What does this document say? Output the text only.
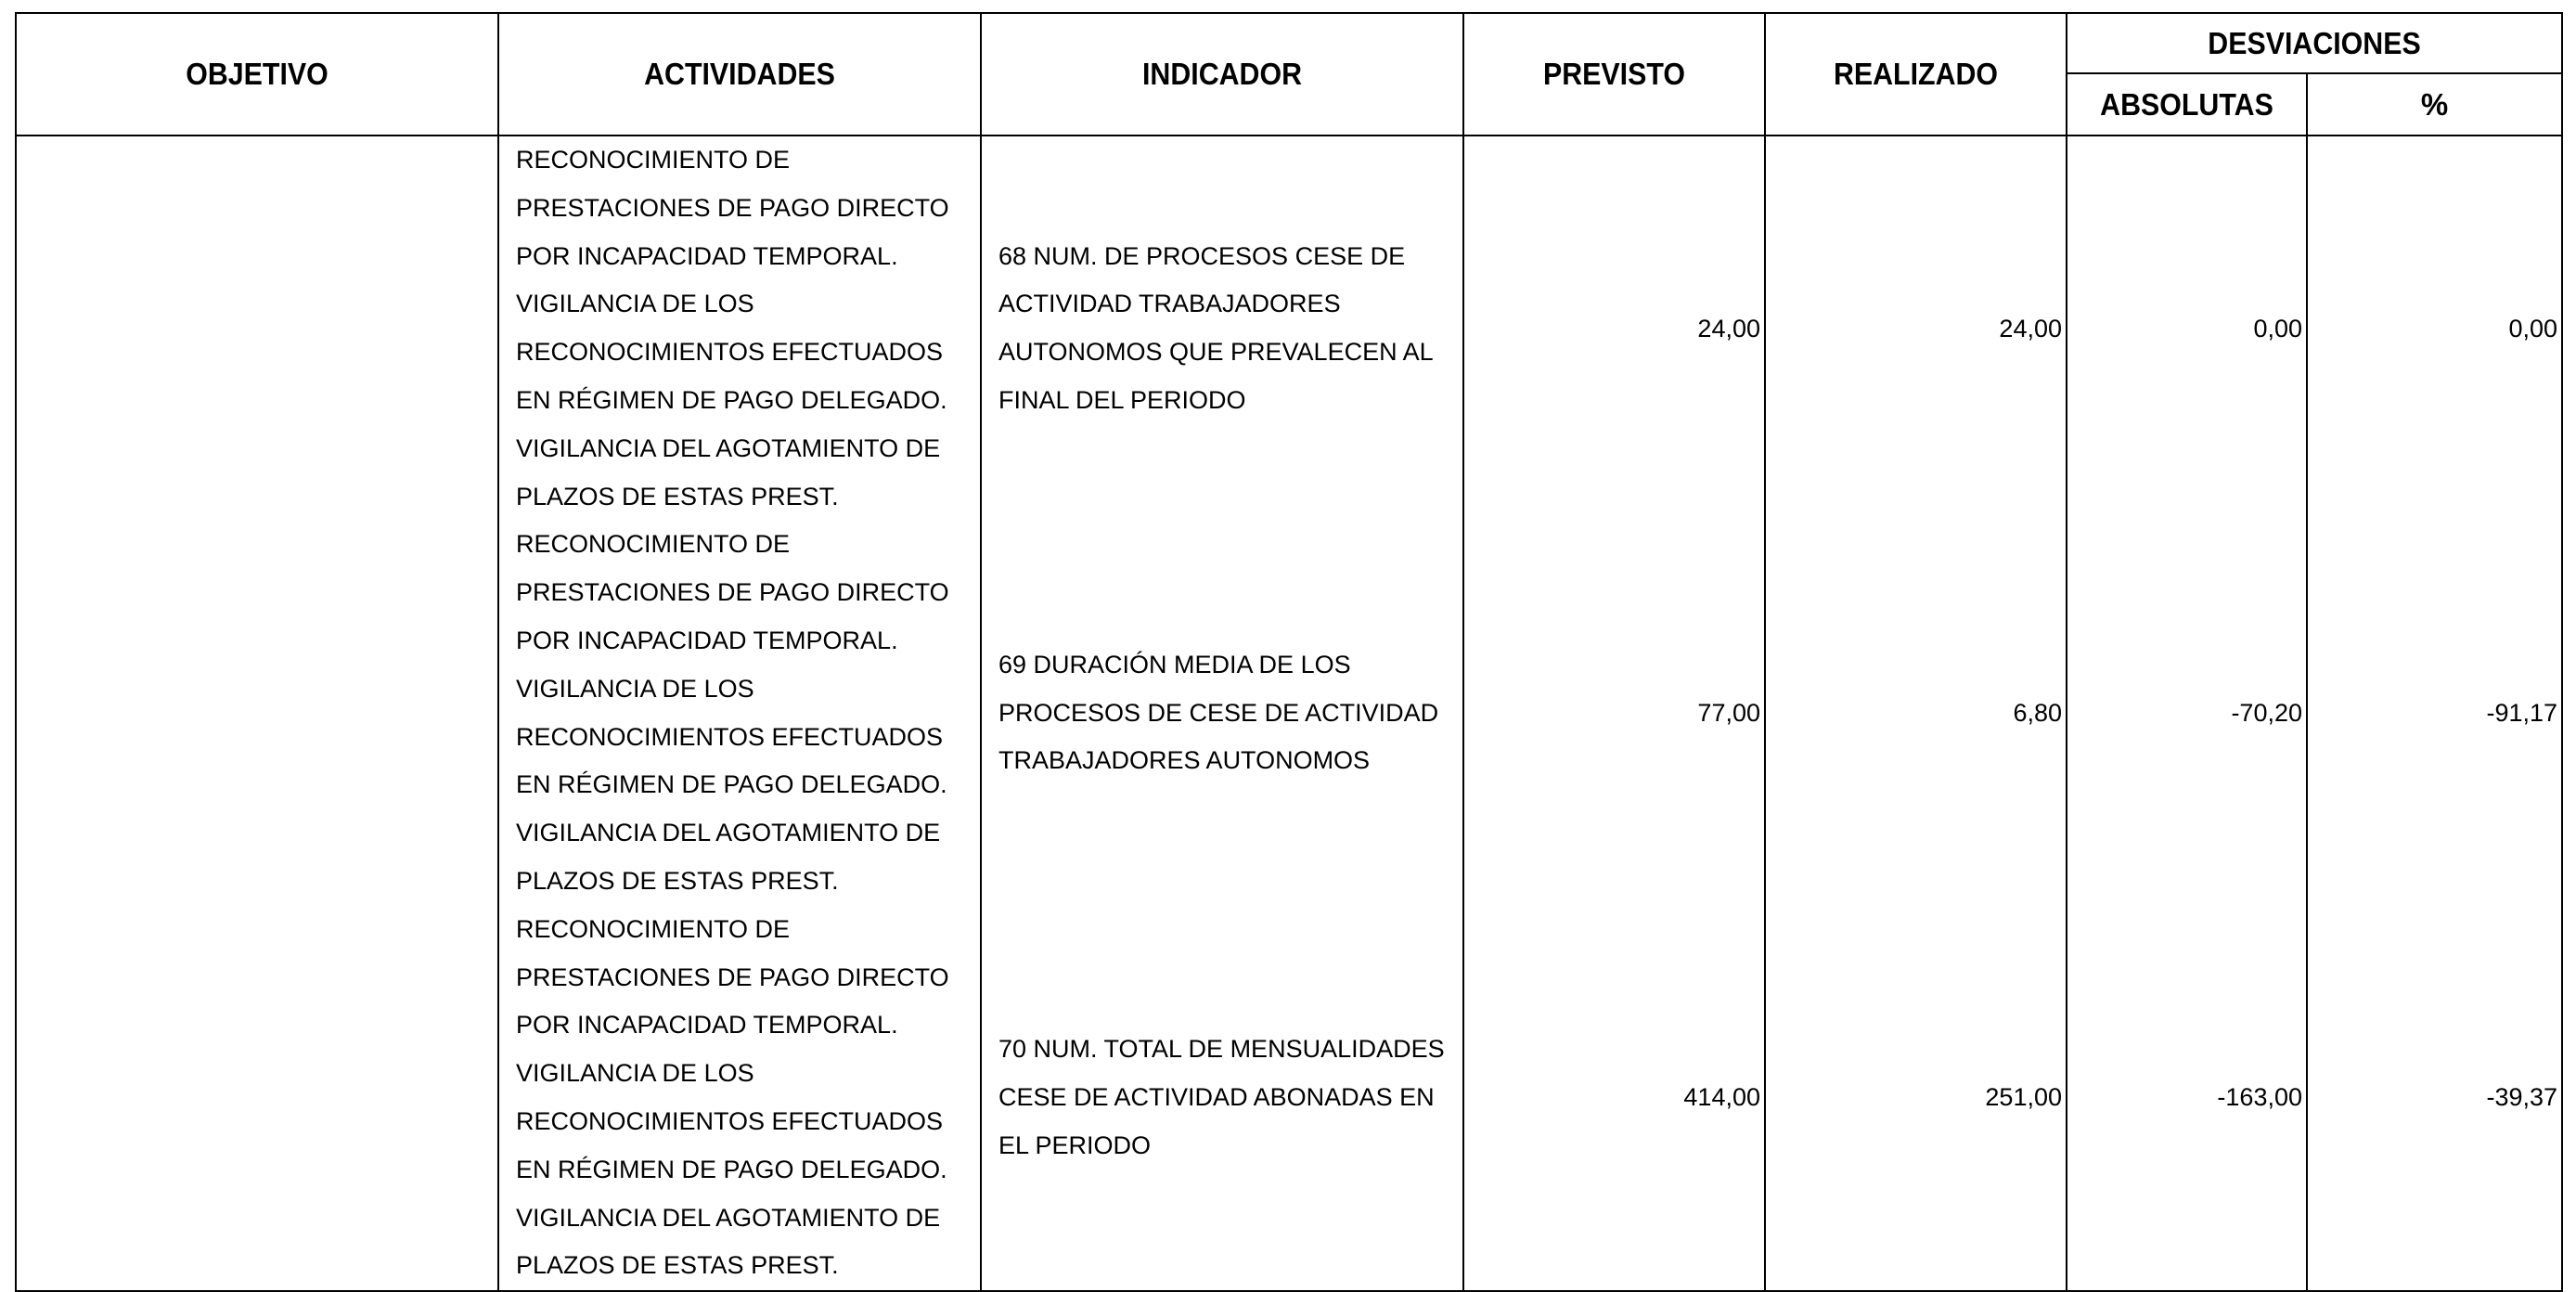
OBJETIVO	ACTIVIDADES	INDICADOR	PREVISTO	REALIZADO	DESVIACIONES	
					ABSOLUTAS	%
	RECONOCIMIENTO DE PRESTACIONES DE PAGO DIRECTO POR INCAPACIDAD TEMPORAL. VIGILANCIA DE LOS RECONOCIMIENTOS EFECTUADOS EN RÉGIMEN DE PAGO DELEGADO. VIGILANCIA DEL AGOTAMIENTO DE PLAZOS DE ESTAS PREST.	68 NUM. DE PROCESOS CESE DE ACTIVIDAD TRABAJADORES AUTONOMOS QUE PREVALECEN AL FINAL DEL PERIODO	24,00	24,00	0,00	0,00
	RECONOCIMIENTO DE PRESTACIONES DE PAGO DIRECTO POR INCAPACIDAD TEMPORAL. VIGILANCIA DE LOS RECONOCIMIENTOS EFECTUADOS EN RÉGIMEN DE PAGO DELEGADO. VIGILANCIA DEL AGOTAMIENTO DE PLAZOS DE ESTAS PREST.	69 DURACIÓN MEDIA DE LOS PROCESOS DE CESE DE ACTIVIDAD TRABAJADORES AUTONOMOS	77,00	6,80	-70,20	-91,17
	RECONOCIMIENTO DE PRESTACIONES DE PAGO DIRECTO POR INCAPACIDAD TEMPORAL. VIGILANCIA DE LOS RECONOCIMIENTOS EFECTUADOS EN RÉGIMEN DE PAGO DELEGADO. VIGILANCIA DEL AGOTAMIENTO DE PLAZOS DE ESTAS PREST.	70 NUM. TOTAL DE MENSUALIDADES CESE DE ACTIVIDAD ABONADAS EN EL PERIODO	414,00	251,00	-163,00	-39,37
